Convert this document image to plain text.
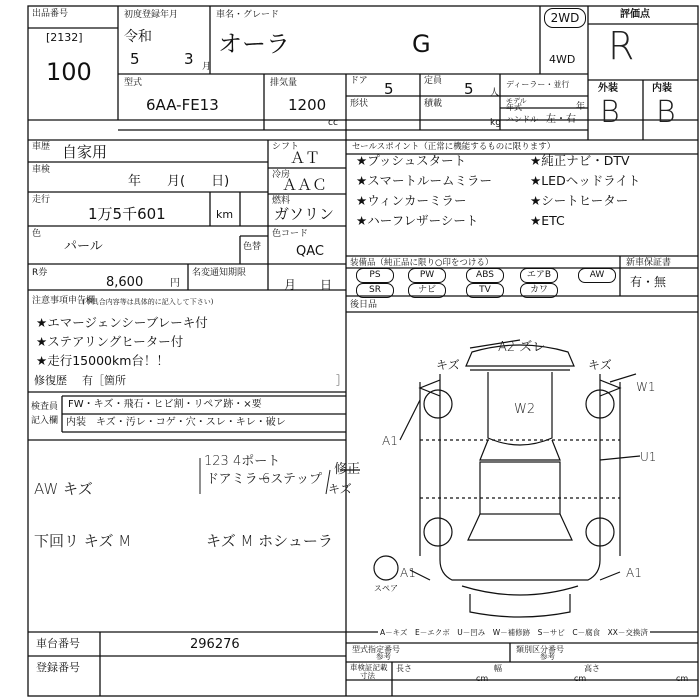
出品番号
[2132]
100
初度登録年月
令和
5	3 月
車名・グレード
オーラ	G
2WD
4WD
評価点
R
型式
6AA-FE13
排気量
1200
cc
ドア 5
形状
定員 5 人
積載
kg
ディーラー・並行
モデル
年式	年
ハンドル 左・右
外装	内装
B B
車歴 自家用
車検
年　　月(　　日)
走行
1万5千601	km
色
パール	色替
シフト
ＡＴ
冷房
ＡＡＣ
燃料
ガソリン
色コード
QAC
R券
8,600	円
名変通知期限
月　　日
セールスポイント（正常に機能するものに限ります）
★プッシュスタート	★純正ナビ・DTV
★スマートルームミラー	★LEDヘッドライト
★ウィンカーミラー	★シートヒーター
★ハーフレザーシート	★ETC
装備品（純正品に限り○印をつける）
PS	PW	ABS	エアB	AW
SR	ナビ	TV	カワ
新車保証書
有・無
注意事項申告欄
(不具合内容等は具体的に記入して下さい)
★エマージェンシーブレーキ付
★ステアリングヒーター付
★走行15000km台！！
修復歴 有［箇所	］
後日品
検査員
記入欄
FW・キズ・飛石・ヒビ割・リペア跡・×要
内装　キズ・汚レ・コゲ・穴・スレ・キレ・破レ
AW キズ
123 4ポート
ドアミラー
6ステップ
修正
キズ
下回リ キズ M	キズ M ホシューラ
A2 ズレ
キズ	キズ
W2
W1
A1
U1
A1	A1
スペア
A－キズ　E－エクボ　U－凹み　W－補修跡　S－サビ　C－腐食　XX－交換済
車台番号	296276
登録番号
型式指定番号
参考
類別区分番号
参考
車検証記載
寸法
長さ
cm
幅
cm
高さ
cm
